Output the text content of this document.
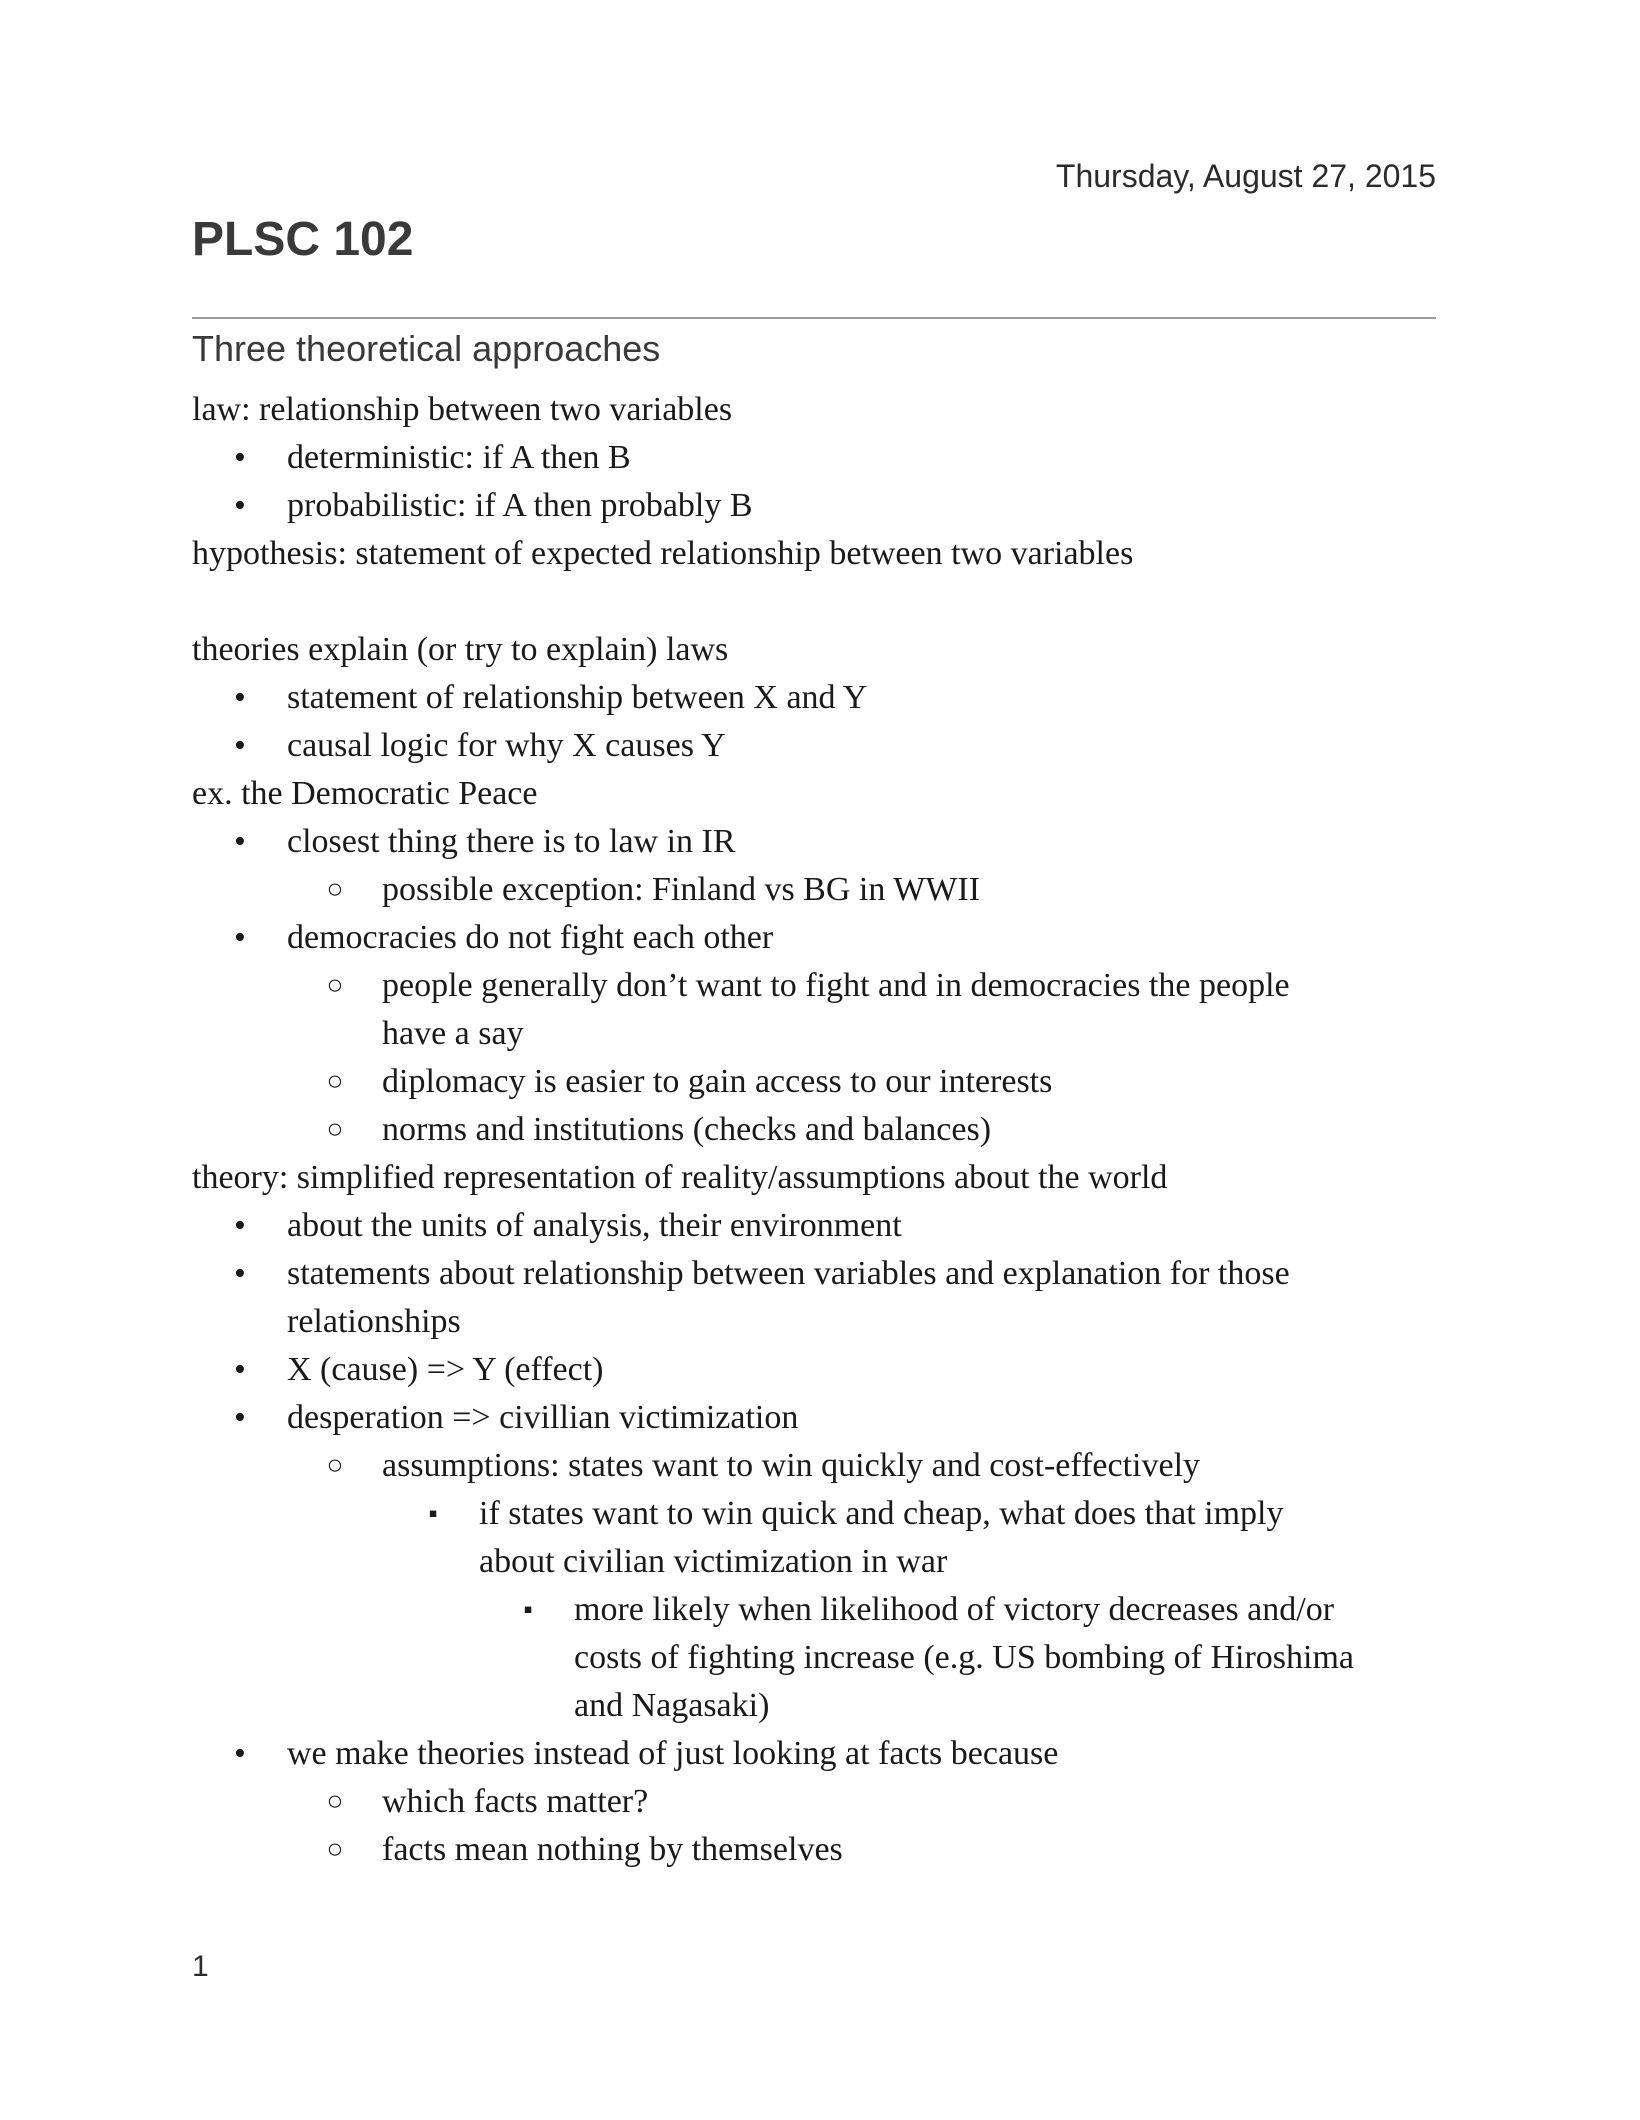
Thursday, August 27, 2015
PLSC 102
Three theoretical approaches
law: relationship between two variables
• deterministic: if A then B
• probabilistic: if A then probably B
hypothesis: statement of expected relationship between two variables
theories explain (or try to explain) laws
• statement of relationship between X and Y
• causal logic for why X causes Y
ex. the Democratic Peace
• closest thing there is to law in IR
○ possible exception: Finland vs BG in WWII
• democracies do not fight each other
○ people generally don’t want to fight and in democracies the people
have a say
○ diplomacy is easier to gain access to our interests
○ norms and institutions (checks and balances)
theory: simplified representation of reality/assumptions about the world
• about the units of analysis, their environment
• statements about relationship between variables and explanation for those
relationships
• X (cause) => Y (effect)
• desperation => civillian victimization
○ assumptions: states want to win quickly and cost-effectively
▪	if states want to win quick and cheap, what does that imply
about civilian victimization in war
▪	more likely when likelihood of victory decreases and/or
costs of fighting increase (e.g. US bombing of Hiroshima
and Nagasaki)
• we make theories instead of just looking at facts because
○ which facts matter?
○ facts mean nothing by themselves
1
